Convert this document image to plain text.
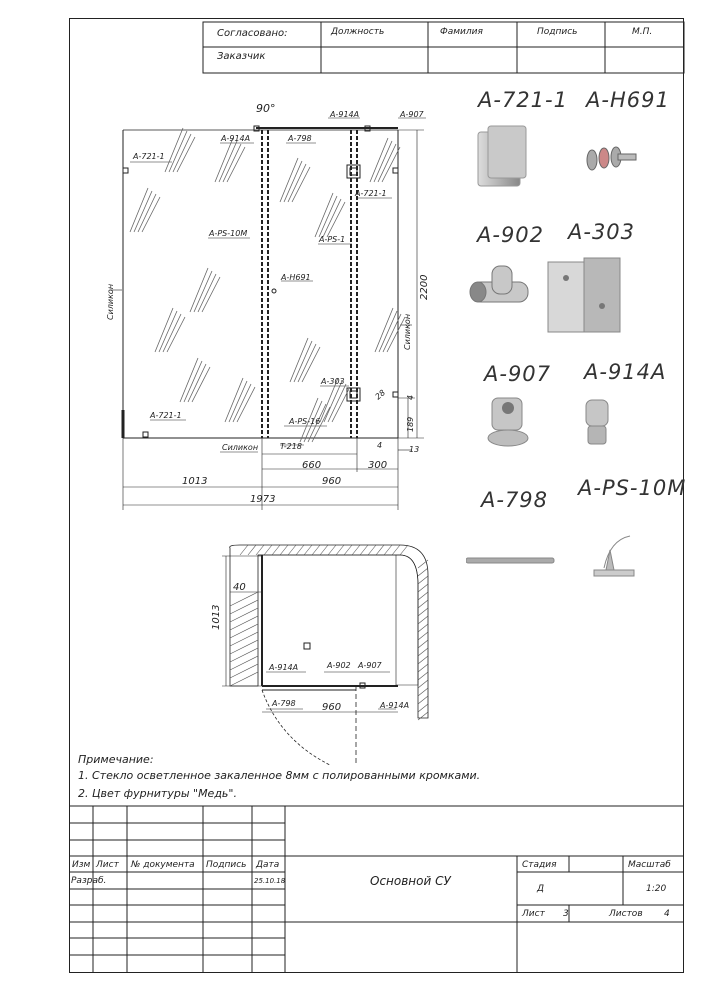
90°
A-914A
A-914A	A-907
A-798
A-721-1
A-721-1
A-721-1
A-PS-10M
A-PS-1
A-H691
A-303
A-PS-16
T-218
Силикон
Силикон
Силикон
2200
1013	960
1973
660	300
189
4
4
13
28
A-914A	A-902 A-907
A-798	A-914A
40
1013
960
Согласовано:
Заказчик
Должность	Фамилия	Подпись	М.П.
A-721-1 A-H691
A-902 A-303
A-907 A-914A
A-798 A-PS-10M
Примечание:
1. Стекло осветленное закаленное 8мм с полированными кромками.
2. Цвет фурнитуры "Медь".
Изм Лист № документа Подпись Дата
Разраб.	25.10.18	Основной СУ
Стадия	Масштаб
Д	1:20
Лист 3	Листов 4
